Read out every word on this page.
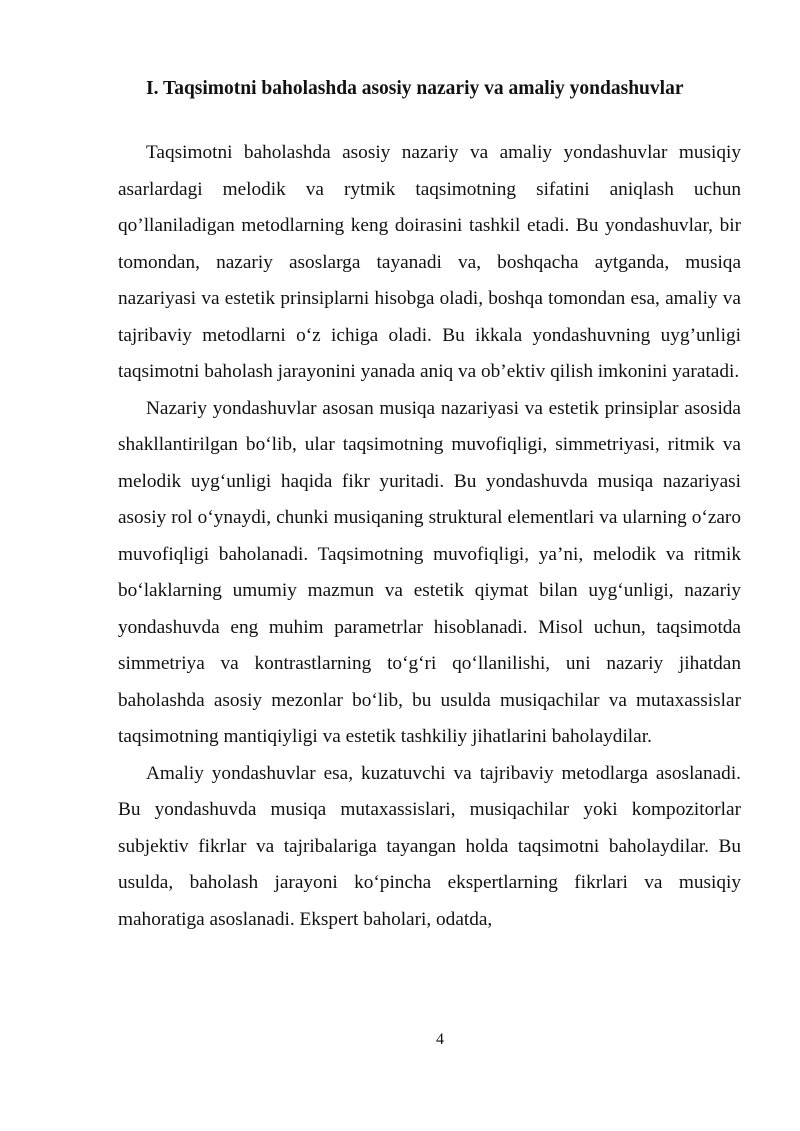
I. Taqsimotni baholashda asosiy nazariy va amaliy yondashuvlar

Taqsimotni baholashda asosiy nazariy va amaliy yondashuvlar musiqiy asarlardagi melodik va rytmik taqsimotning sifatini aniqlash uchun qo’llaniladigan metodlarning keng doirasini tashkil etadi. Bu yondashuvlar, bir tomondan, nazariy asoslarga tayanadi va, boshqacha aytganda, musiqa nazariyasi va estetik prinsiplarni hisobga oladi, boshqa tomondan esa, amaliy va tajribaviy metodlarni o‘z ichiga oladi. Bu ikkala yondashuvning uyg’unligi taqsimotni baholash jarayonini yanada aniq va ob’ektiv qilish imkonini yaratadi.

Nazariy yondashuvlar asosan musiqa nazariyasi va estetik prinsiplar asosida shakllantirilgan bo‘lib, ular taqsimotning muvofiqligi, simmetriyasi, ritmik va melodik uyg‘unligi haqida fikr yuritadi. Bu yondashuvda musiqa nazariyasi asosiy rol o‘ynaydi, chunki musiqaning struktural elementlari va ularning o‘zaro muvofiqligi baholanadi. Taqsimotning muvofiqligi, ya’ni, melodik va ritmik bo‘laklarning umumiy mazmun va estetik qiymat bilan uyg‘unligi, nazariy yondashuvda eng muhim parametrlar hisoblanadi. Misol uchun, taqsimotda simmetriya va kontrastlarning to‘g‘ri qo‘llanilishi, uni nazariy jihatdan baholashda asosiy mezonlar bo‘lib, bu usulda musiqachilar va mutaxassislar taqsimotning mantiqiyligi va estetik tashkiliy jihatlarini baholaydilar.

Amaliy yondashuvlar esa, kuzatuvchi va tajribaviy metodlarga asoslanadi. Bu yondashuvda musiqa mutaxassislari, musiqachilar yoki kompozitorlar subjektiv fikrlar va tajribalariga tayangan holda taqsimotni baholaydilar. Bu usulda, baholash jarayoni ko‘pincha ekspertlarning fikrlari va musiqiy mahoratiga asoslanadi. Ekspert baholari, odatda,

4
